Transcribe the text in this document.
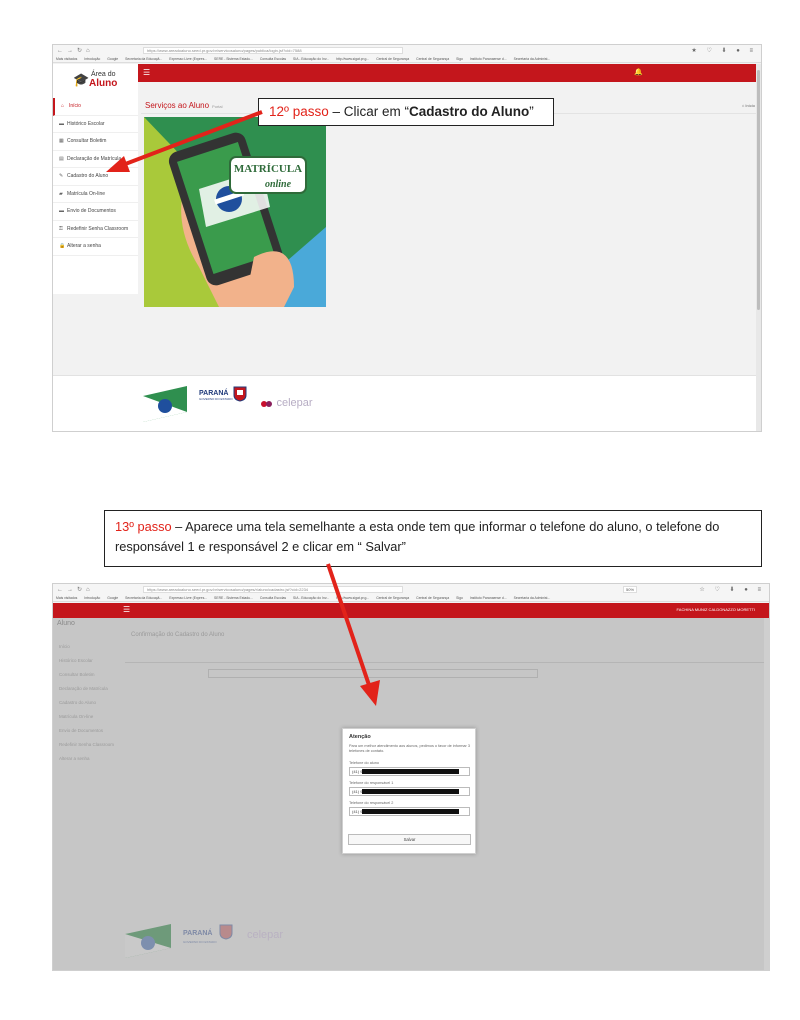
←→↻⌂	https://www.areadoaluno.seed.pr.gov.br/servicosaluno/pages/publica/login.jsf?cid=7588	★ ♡ ⬇ ● ≡
Mais visitados Introdução Google Secretaria da Educaçã... Expresso Livre (Expres... SERE - Sistema Estadu... Consulta Escolas SIA - Educação do Inv... http://www.sigat.pr.g... Central de Segurança Central de Segurança Sigo Instituto Paranaense d... Secretaria da Administ...
🎓 Área do
Aluno
☰	🔔
⌂ Início
▬ Histórico Escolar
▦ Consultar Boletim
▤ Declaração de Matrícula
✎ Cadastro do Aluno
▰ Matrícula On-line
▬ Envio de Documentos
⚿ Redefinir Senha Classroom
🔒 Alterar a senha
Serviços ao Aluno Portal	⌂ Início
MATRÍCULA
online
PARANÁ
GOVERNO DO ESTADO	celepar
12º passo – Clicar em “Cadastro do Aluno”
13º passo – Aparece uma tela semelhante a esta onde tem que informar o telefone do aluno, o telefone do responsável 1 e responsável 2 e clicar em “ Salvar”
←→↻⌂	https://www.areadoaluno.seed.pr.gov.br/servicosaluno/pages/r/aluno/cadastro.jsf?cid=2234	50%	☆ ♡ ⬇ ● ≡
Mais visitados Introdução Google Secretaria da Educaçã... Expresso Livre (Expres... SERE - Sistema Estadu... Consulta Escolas SIA - Educação do Inv... http://www.sigat.pr.g... Central de Segurança Central de Segurança Sigo Instituto Paranaense d... Secretaria da Administ...
☰	FACHINA MUNIZ CALDONAZZO MORETTI
Aluno
Confirmação do Cadastro do Aluno
Início
Histórico Escolar
Consultar Boletim
Declaração de Matrícula
Cadastro do Aluno
Matrícula On-line
Envio de Documentos
Redefinir Senha Classroom
Alterar a senha
PARANÁ
GOVERNO DO ESTADO
celepar
Atenção
Para um melhor atendimento aos alunos, pedimos o favor de informar 3 telefones de contato.
Telefone do aluno
(41) 9
Telefone do responsável 1
(41) 9
Telefone do responsável 2
(41) 9
Salvar
